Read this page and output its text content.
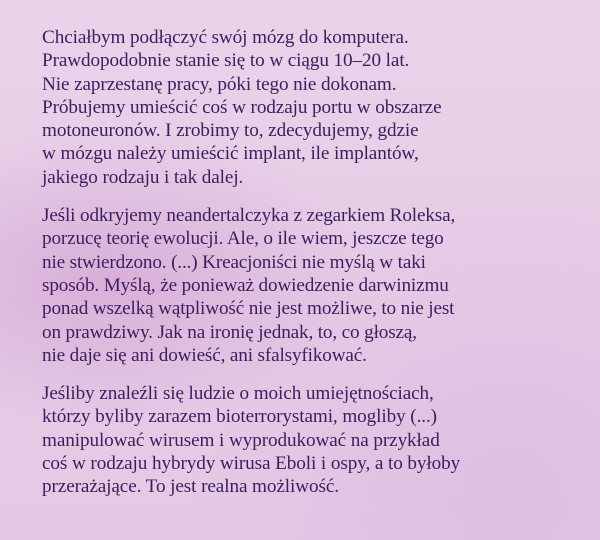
Chciałbym podłączyć swój mózg do komputera.
Prawdopodobnie stanie się to w ciągu 10–20 lat.
Nie zaprzestanę pracy, póki tego nie dokonam.
Próbujemy umieścić coś w rodzaju portu w obszarze
motoneuronów. I zrobimy to, zdecydujemy, gdzie
w mózgu należy umieścić implant, ile implantów,
jakiego rodzaju i tak dalej.

Jeśli odkryjemy neandertalczyka z zegarkiem Roleksa,
porzucę teorię ewolucji. Ale, o ile wiem, jeszcze tego
nie stwierdzono. (...) Kreacjoniści nie myślą w taki
sposób. Myślą, że ponieważ dowiedzenie darwinizmu
ponad wszelką wątpliwość nie jest możliwe, to nie jest
on prawdziwy. Jak na ironię jednak, to, co głoszą,
nie daje się ani dowieść, ani sfalsyfikować.

Jeśliby znaleźli się ludzie o moich umiejętnościach,
którzy byliby zarazem bioterrorystami, mogliby (...)
manipulować wirusem i wyprodukować na przykład
coś w rodzaju hybrydy wirusa Eboli i ospy, a to byłoby
przerażające. To jest realna możliwość.
